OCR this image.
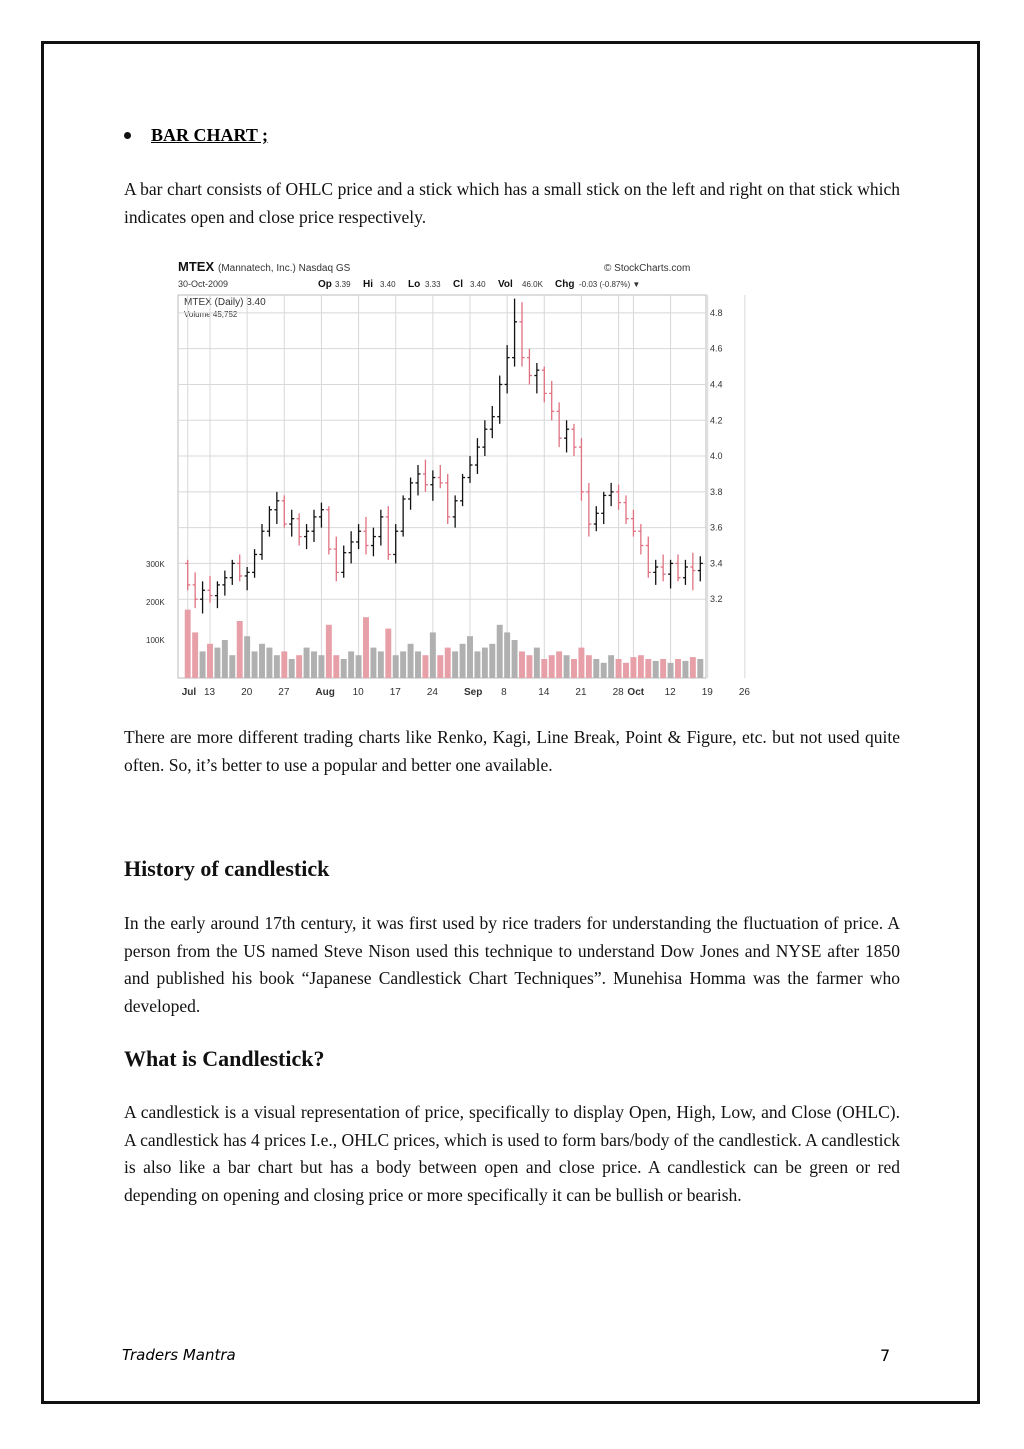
BAR CHART ;

A bar chart consists of OHLC price and a stick which has a small stick on the left and right on that stick which indicates open and close price respectively.

MTEX (Mannatech, Inc.) Nasdaq GS	© StockCharts.com
30-Oct-2009	Op 3.39 Hi 3.40 Lo 3.33 Cl 3.40 Vol 46.0K Chg -0.03 (-0.87%) ▼
MTEX (Daily) 3.40
Volume 45,752	4.8
4.6
4.4
4.2
4.0
3.8
3.6
3.4
3.2
300K
200K
100K
Jul 13	20	27	Aug 10	17	24	Sep 8	14	21	28 Oct 12	19	26

There are more different trading charts like Renko, Kagi, Line Break, Point & Figure, etc. but not used quite often. So, it’s better to use a popular and better one available.

History of candlestick

In the early around 17th century, it was first used by rice traders for understanding the fluctuation of price. A person from the US named Steve Nison used this technique to understand Dow Jones and NYSE after 1850 and published his book “Japanese Candlestick Chart Techniques”. Munehisa Homma was the farmer who developed.

What is Candlestick?

A candlestick is a visual representation of price, specifically to display Open, High, Low, and Close (OHLC). A candlestick has 4 prices I.e., OHLC prices, which is used to form bars/body of the candlestick. A candlestick is also like a bar chart but has a body between open and close price. A candlestick can be green or red depending on opening and closing price or more specifically it can be bullish or bearish.

Traders Mantra	7
